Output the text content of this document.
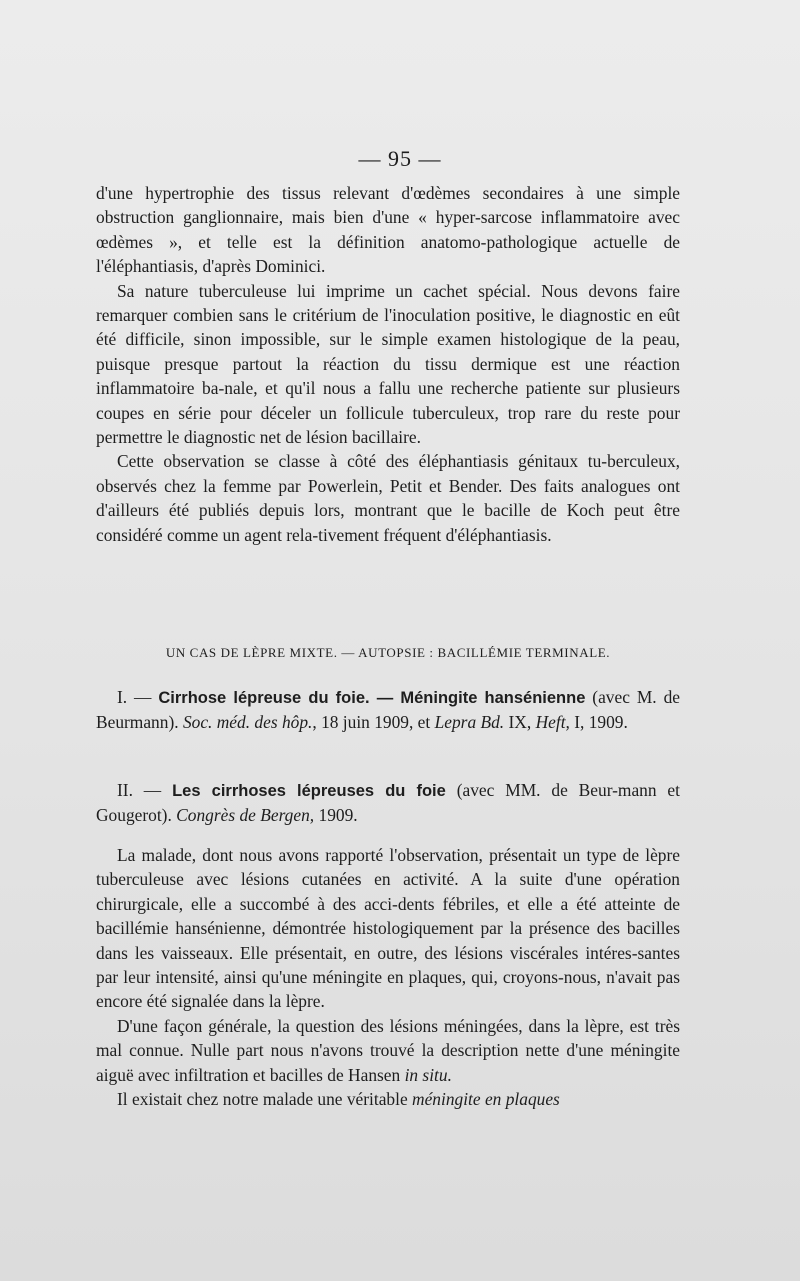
— 95 —

d'une hypertrophie des tissus relevant d'œdèmes secondaires à une simple obstruction ganglionnaire, mais bien d'une « hyper-sarcose inflammatoire avec œdèmes », et telle est la définition anatomo-pathologique actuelle de l'éléphantiasis, d'après Dominici.

Sa nature tuberculeuse lui imprime un cachet spécial. Nous devons faire remarquer combien sans le critérium de l'inoculation positive, le diagnostic en eût été difficile, sinon impossible, sur le simple examen histologique de la peau, puisque presque partout la réaction du tissu dermique est une réaction inflammatoire ba-nale, et qu'il nous a fallu une recherche patiente sur plusieurs coupes en série pour déceler un follicule tuberculeux, trop rare du reste pour permettre le diagnostic net de lésion bacillaire.

Cette observation se classe à côté des éléphantiasis génitaux tu-berculeux, observés chez la femme par Powerlein, Petit et Bender. Des faits analogues ont d'ailleurs été publiés depuis lors, montrant que le bacille de Koch peut être considéré comme un agent rela-tivement fréquent d'éléphantiasis.

UN CAS DE LÈPRE MIXTE. — AUTOPSIE : BACILLÉMIE TERMINALE.
I. — Cirrhose lépreuse du foie. — Méningite hansénienne (avec M. de Beurmann). Soc. méd. des hôp., 18 juin 1909, et Lepra Bd. IX, Heft, I, 1909.
II. — Les cirrhoses lépreuses du foie (avec MM. de Beur-mann et Gougerot). Congrès de Bergen, 1909.

La malade, dont nous avons rapporté l'observation, présentait un type de lèpre tuberculeuse avec lésions cutanées en activité. A la suite d'une opération chirurgicale, elle a succombé à des acci-dents fébriles, et elle a été atteinte de bacillémie hansénienne, démontrée histologiquement par la présence des bacilles dans les vaisseaux. Elle présentait, en outre, des lésions viscérales intéres-santes par leur intensité, ainsi qu'une méningite en plaques, qui, croyons-nous, n'avait pas encore été signalée dans la lèpre.

D'une façon générale, la question des lésions méningées, dans la lèpre, est très mal connue. Nulle part nous n'avons trouvé la description nette d'une méningite aiguë avec infiltration et bacilles de Hansen in situ.

Il existait chez notre malade une véritable méningite en plaques
